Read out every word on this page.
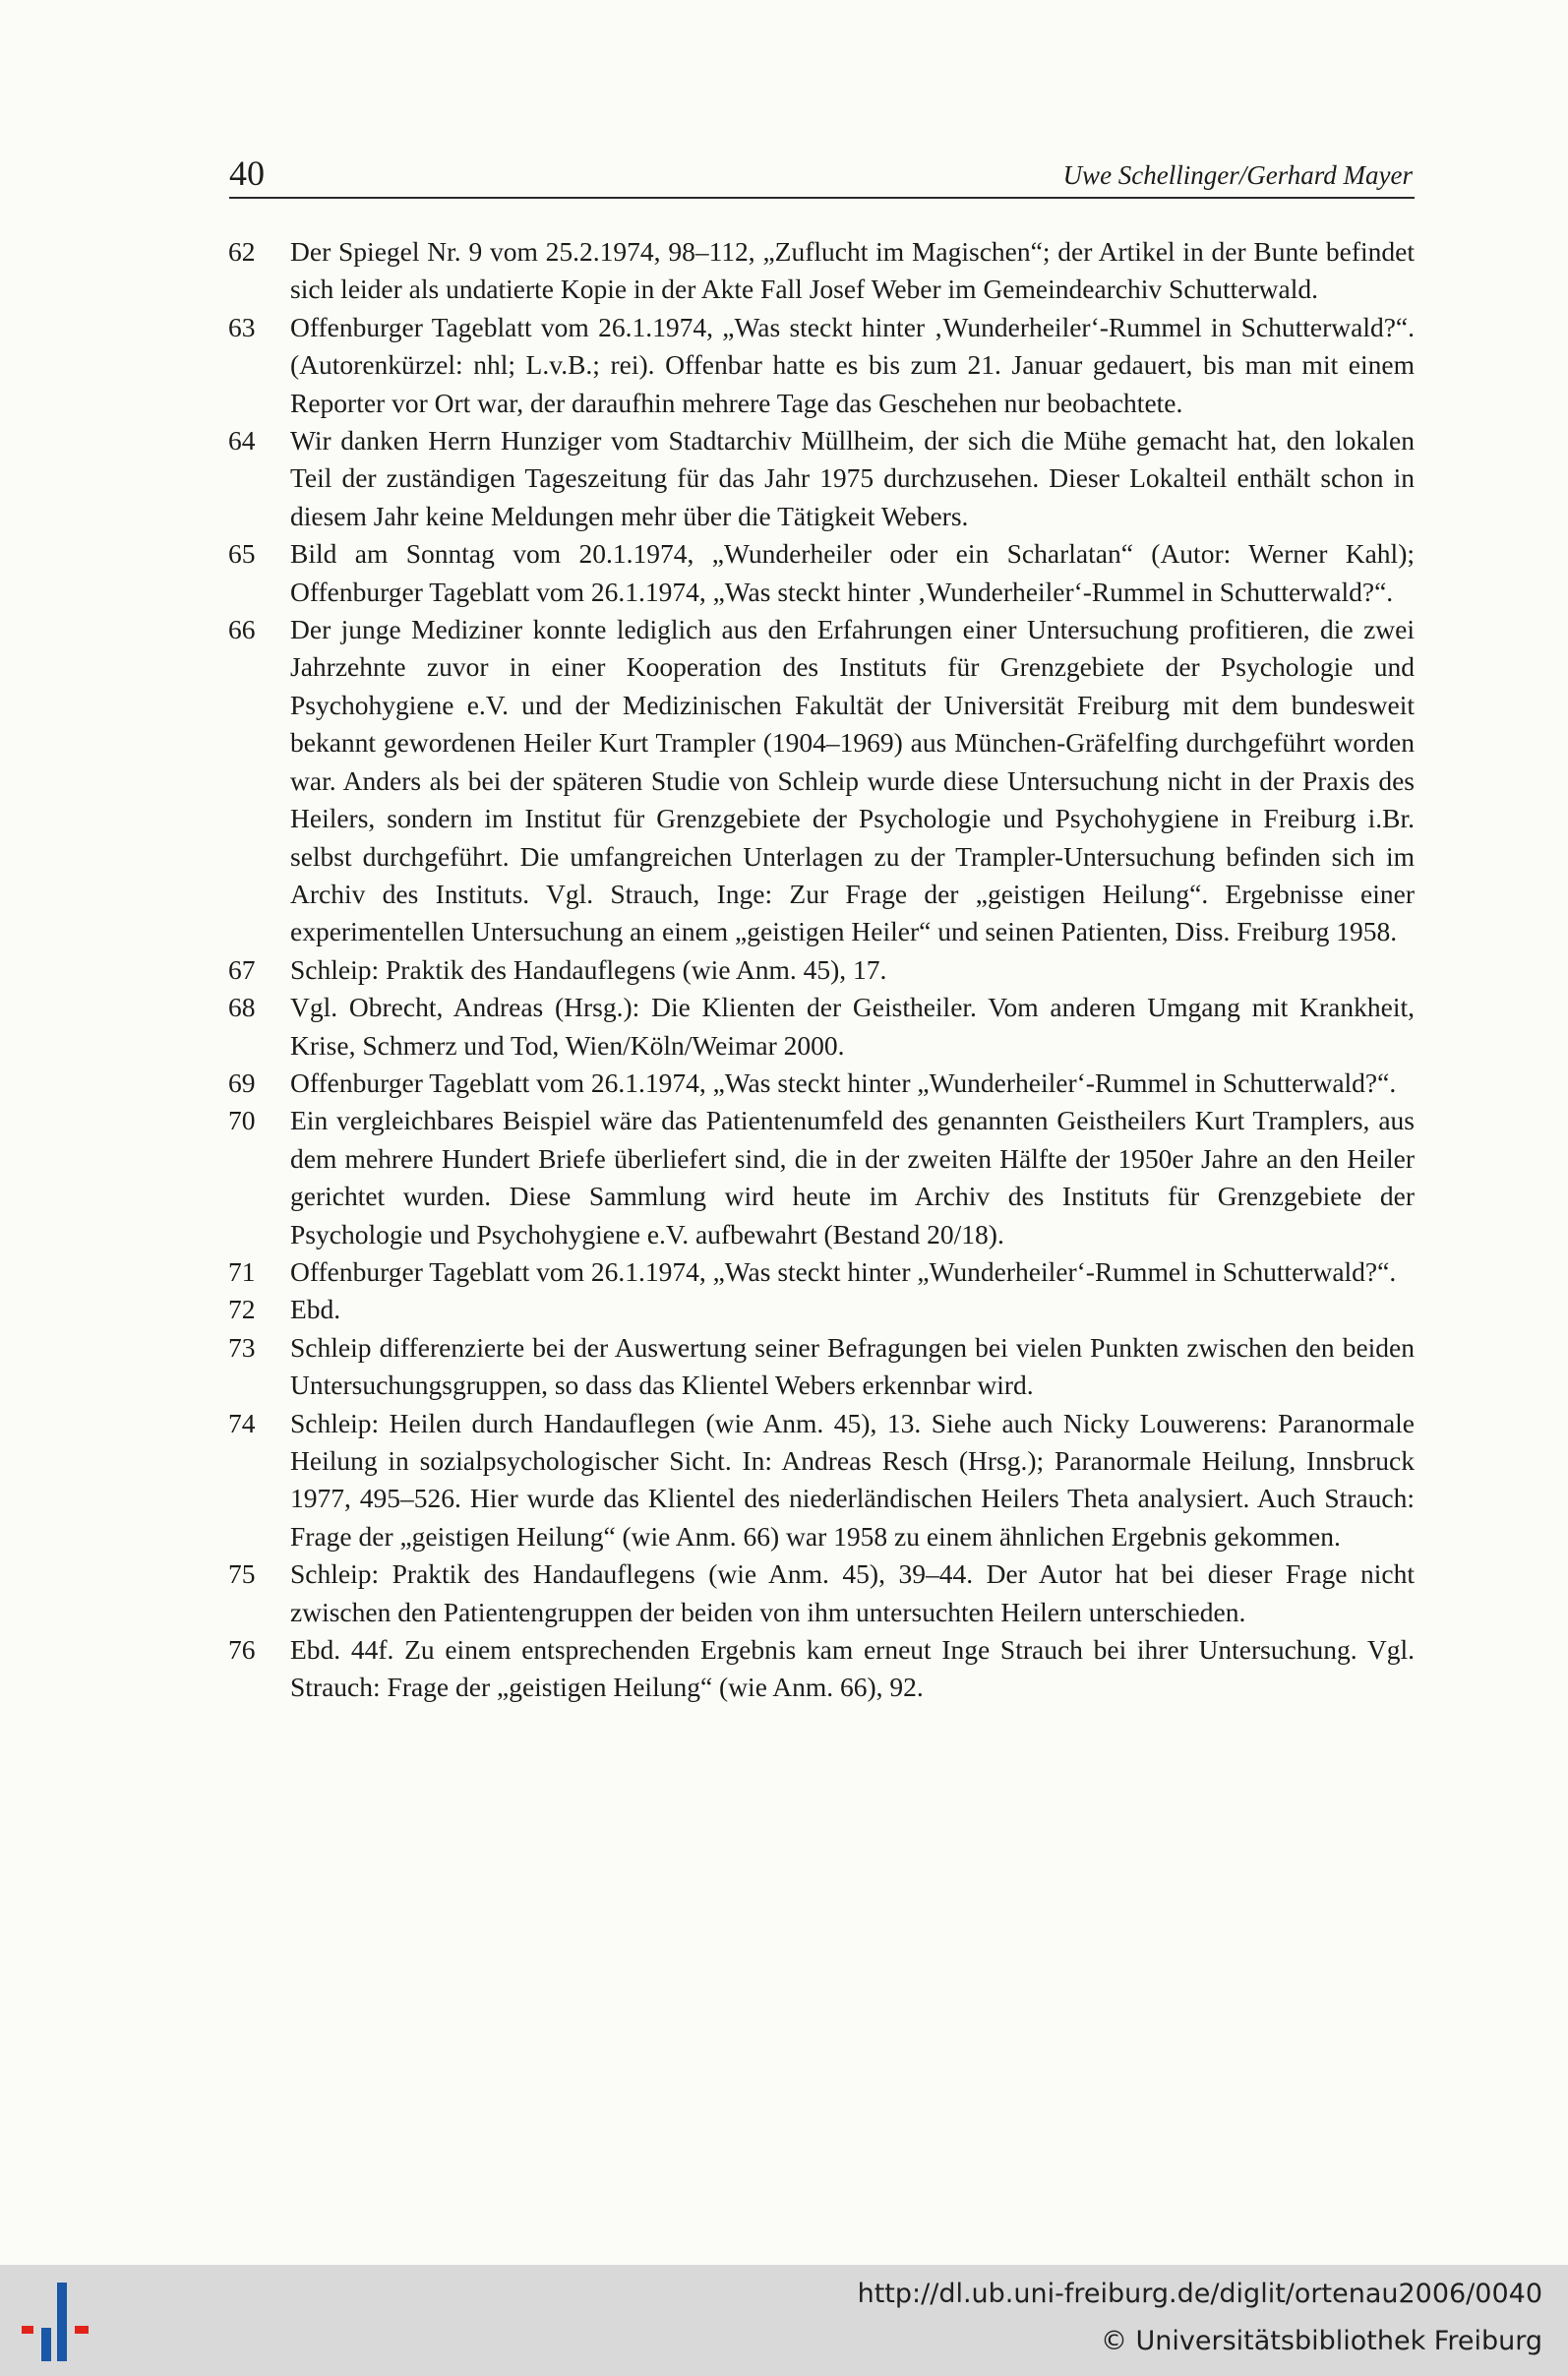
40	Uwe Schellinger/Gerhard Mayer
62 Der Spiegel Nr. 9 vom 25.2.1974, 98–112, „Zuflucht im Magischen“; der Artikel in der Bunte befindet sich leider als undatierte Kopie in der Akte Fall Josef Weber im Gemeindearchiv Schutterwald.
63 Offenburger Tageblatt vom 26.1.1974, „Was steckt hinter ‚Wunderheiler‘-Rummel in Schutterwald?“. (Autorenkürzel: nhl; L.v.B.; rei). Offenbar hatte es bis zum 21. Januar gedauert, bis man mit einem Reporter vor Ort war, der daraufhin mehrere Tage das Geschehen nur beobachtete.
64 Wir danken Herrn Hunziger vom Stadtarchiv Müllheim, der sich die Mühe gemacht hat, den lokalen Teil der zuständigen Tageszeitung für das Jahr 1975 durchzusehen. Dieser Lokalteil enthält schon in diesem Jahr keine Meldungen mehr über die Tätigkeit Webers.
65 Bild am Sonntag vom 20.1.1974, „Wunderheiler oder ein Scharlatan“ (Autor: Werner Kahl); Offenburger Tageblatt vom 26.1.1974, „Was steckt hinter ‚Wunderheiler‘-Rummel in Schutterwald?“.
66 Der junge Mediziner konnte lediglich aus den Erfahrungen einer Untersuchung profitieren, die zwei Jahrzehnte zuvor in einer Kooperation des Instituts für Grenzgebiete der Psychologie und Psychohygiene e.V. und der Medizinischen Fakultät der Universität Freiburg mit dem bundesweit bekannt gewordenen Heiler Kurt Trampler (1904–1969) aus München-Gräfelfing durchgeführt worden war. Anders als bei der späteren Studie von Schleip wurde diese Untersuchung nicht in der Praxis des Heilers, sondern im Institut für Grenzgebiete der Psychologie und Psychohygiene in Freiburg i.Br. selbst durchgeführt. Die umfangreichen Unterlagen zu der Trampler-Untersuchung befinden sich im Archiv des Instituts. Vgl. Strauch, Inge: Zur Frage der „geistigen Heilung“. Ergebnisse einer experimentellen Untersuchung an einem „geistigen Heiler“ und seinen Patienten, Diss. Freiburg 1958.
67 Schleip: Praktik des Handauflegens (wie Anm. 45), 17.
68 Vgl. Obrecht, Andreas (Hrsg.): Die Klienten der Geistheiler. Vom anderen Umgang mit Krankheit, Krise, Schmerz und Tod, Wien/Köln/Weimar 2000.
69 Offenburger Tageblatt vom 26.1.1974, „Was steckt hinter „Wunderheiler‘-Rummel in Schutterwald?“.
70 Ein vergleichbares Beispiel wäre das Patientenumfeld des genannten Geistheilers Kurt Tramplers, aus dem mehrere Hundert Briefe überliefert sind, die in der zweiten Hälfte der 1950er Jahre an den Heiler gerichtet wurden. Diese Sammlung wird heute im Archiv des Instituts für Grenzgebiete der Psychologie und Psychohygiene e.V. aufbewahrt (Bestand 20/18).
71 Offenburger Tageblatt vom 26.1.1974, „Was steckt hinter „Wunderheiler‘-Rummel in Schutterwald?“.
72 Ebd.
73 Schleip differenzierte bei der Auswertung seiner Befragungen bei vielen Punkten zwischen den beiden Untersuchungsgruppen, so dass das Klientel Webers erkennbar wird.
74 Schleip: Heilen durch Handauflegen (wie Anm. 45), 13. Siehe auch Nicky Louwerens: Paranormale Heilung in sozialpsychologischer Sicht. In: Andreas Resch (Hrsg.); Paranormale Heilung, Innsbruck 1977, 495–526. Hier wurde das Klientel des niederländischen Heilers Theta analysiert. Auch Strauch: Frage der „geistigen Heilung“ (wie Anm. 66) war 1958 zu einem ähnlichen Ergebnis gekommen.
75 Schleip: Praktik des Handauflegens (wie Anm. 45), 39–44. Der Autor hat bei dieser Frage nicht zwischen den Patientengruppen der beiden von ihm untersuchten Heilern unterschieden.
76 Ebd. 44f. Zu einem entsprechenden Ergebnis kam erneut Inge Strauch bei ihrer Untersuchung. Vgl. Strauch: Frage der „geistigen Heilung“ (wie Anm. 66), 92.
http://dl.ub.uni-freiburg.de/diglit/ortenau2006/0040
© Universitätsbibliothek Freiburg
